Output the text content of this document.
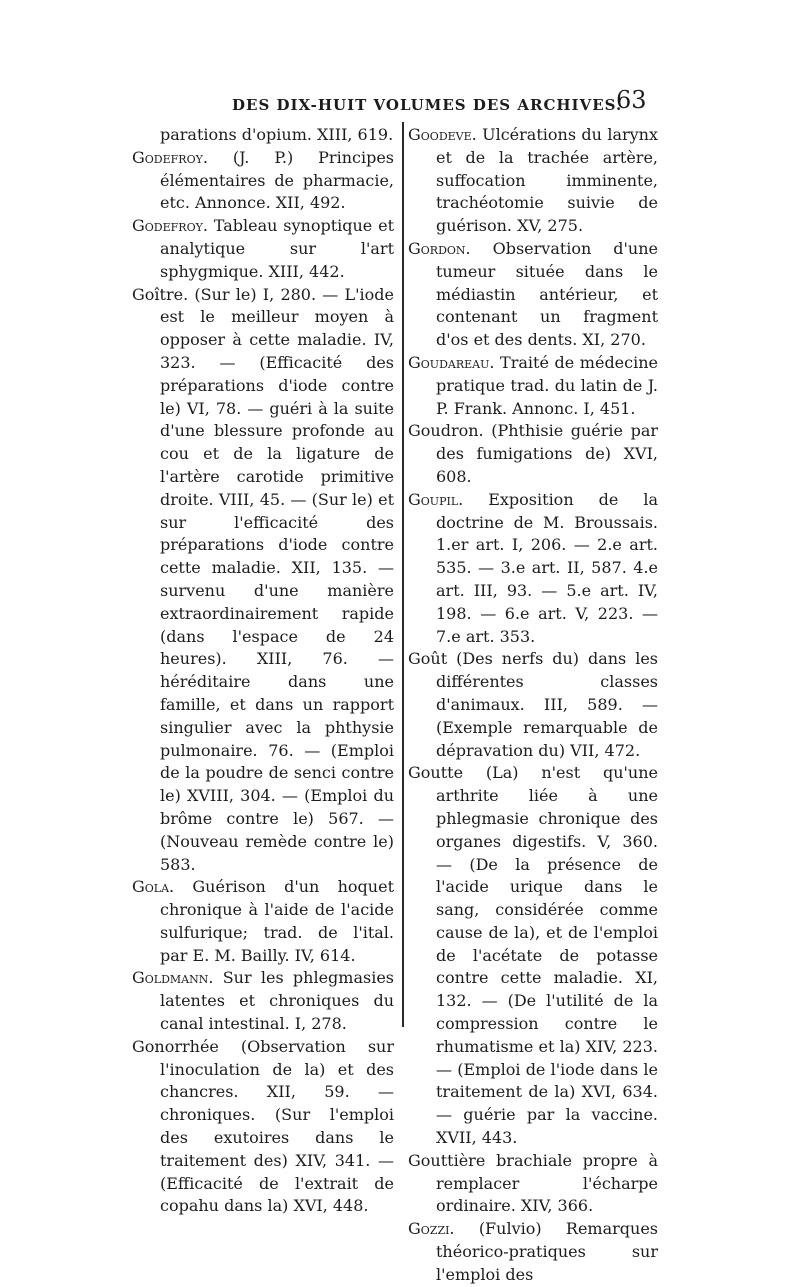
DES DIX-HUIT VOLUMES DES ARCHIVES.
63

parations d'opium. XIII, 619.

Godefroy. (J. P.) Principes élémentaires de pharmacie, etc. Annonce. XII, 492.

Godefroy. Tableau synoptique et analytique sur l'art sphygmique. XIII, 442.

Goître. (Sur le) I, 280. — L'iode est le meilleur moyen à opposer à cette maladie. IV, 323. — (Efficacité des préparations d'iode contre le) VI, 78. — guéri à la suite d'une blessure profonde au cou et de la ligature de l'artère carotide primitive droite. VIII, 45. — (Sur le) et sur l'efficacité des préparations d'iode contre cette maladie. XII, 135. — survenu d'une manière extraordinairement rapide (dans l'espace de 24 heures). XIII, 76. — héréditaire dans une famille, et dans un rapport singulier avec la phthysie pulmonaire. 76. — (Emploi de la poudre de senci contre le) XVIII, 304. — (Emploi du brôme contre le) 567. — (Nouveau remède contre le) 583.

Gola. Guérison d'un hoquet chronique à l'aide de l'acide sulfurique; trad. de l'ital. par E. M. Bailly. IV, 614.

Goldmann. Sur les phlegmasies latentes et chroniques du canal intestinal. I, 278.

Gonorrhée (Observation sur l'inoculation de la) et des chancres. XII, 59. — chroniques. (Sur l'emploi des exutoires dans le traitement des) XIV, 341. — (Efficacité de l'extrait de copahu dans la) XVI, 448.

Goodeve. Ulcérations du larynx et de la trachée artère, suffocation imminente, trachéotomie suivie de guérison. XV, 275.

Gordon. Observation d'une tumeur située dans le médiastin antérieur, et contenant un fragment d'os et des dents. XI, 270.

Goudareau. Traité de médecine pratique trad. du latin de J. P. Frank. Annonc. I, 451.

Goudron. (Phthisie guérie par des fumigations de) XVI, 608.

Goupil. Exposition de la doctrine de M. Broussais. 1.er art. I, 206. — 2.e art. 535. — 3.e art. II, 587. 4.e art. III, 93. — 5.e art. IV, 198. — 6.e art. V, 223. — 7.e art. 353.

Goût (Des nerfs du) dans les différentes classes d'animaux. III, 589. — (Exemple remarquable de dépravation du) VII, 472.

Goutte (La) n'est qu'une arthrite liée à une phlegmasie chronique des organes digestifs. V, 360. — (De la présence de l'acide urique dans le sang, considérée comme cause de la), et de l'emploi de l'acétate de potasse contre cette maladie. XI, 132. — (De l'utilité de la compression contre le rhumatisme et la) XIV, 223. — (Emploi de l'iode dans le traitement de la) XVI, 634. — guérie par la vaccine. XVII, 443.

Gouttière brachiale propre à remplacer l'écharpe ordinaire. XIV, 366.

Gozzi. (Fulvio) Remarques théorico-pratiques sur l'emploi des
